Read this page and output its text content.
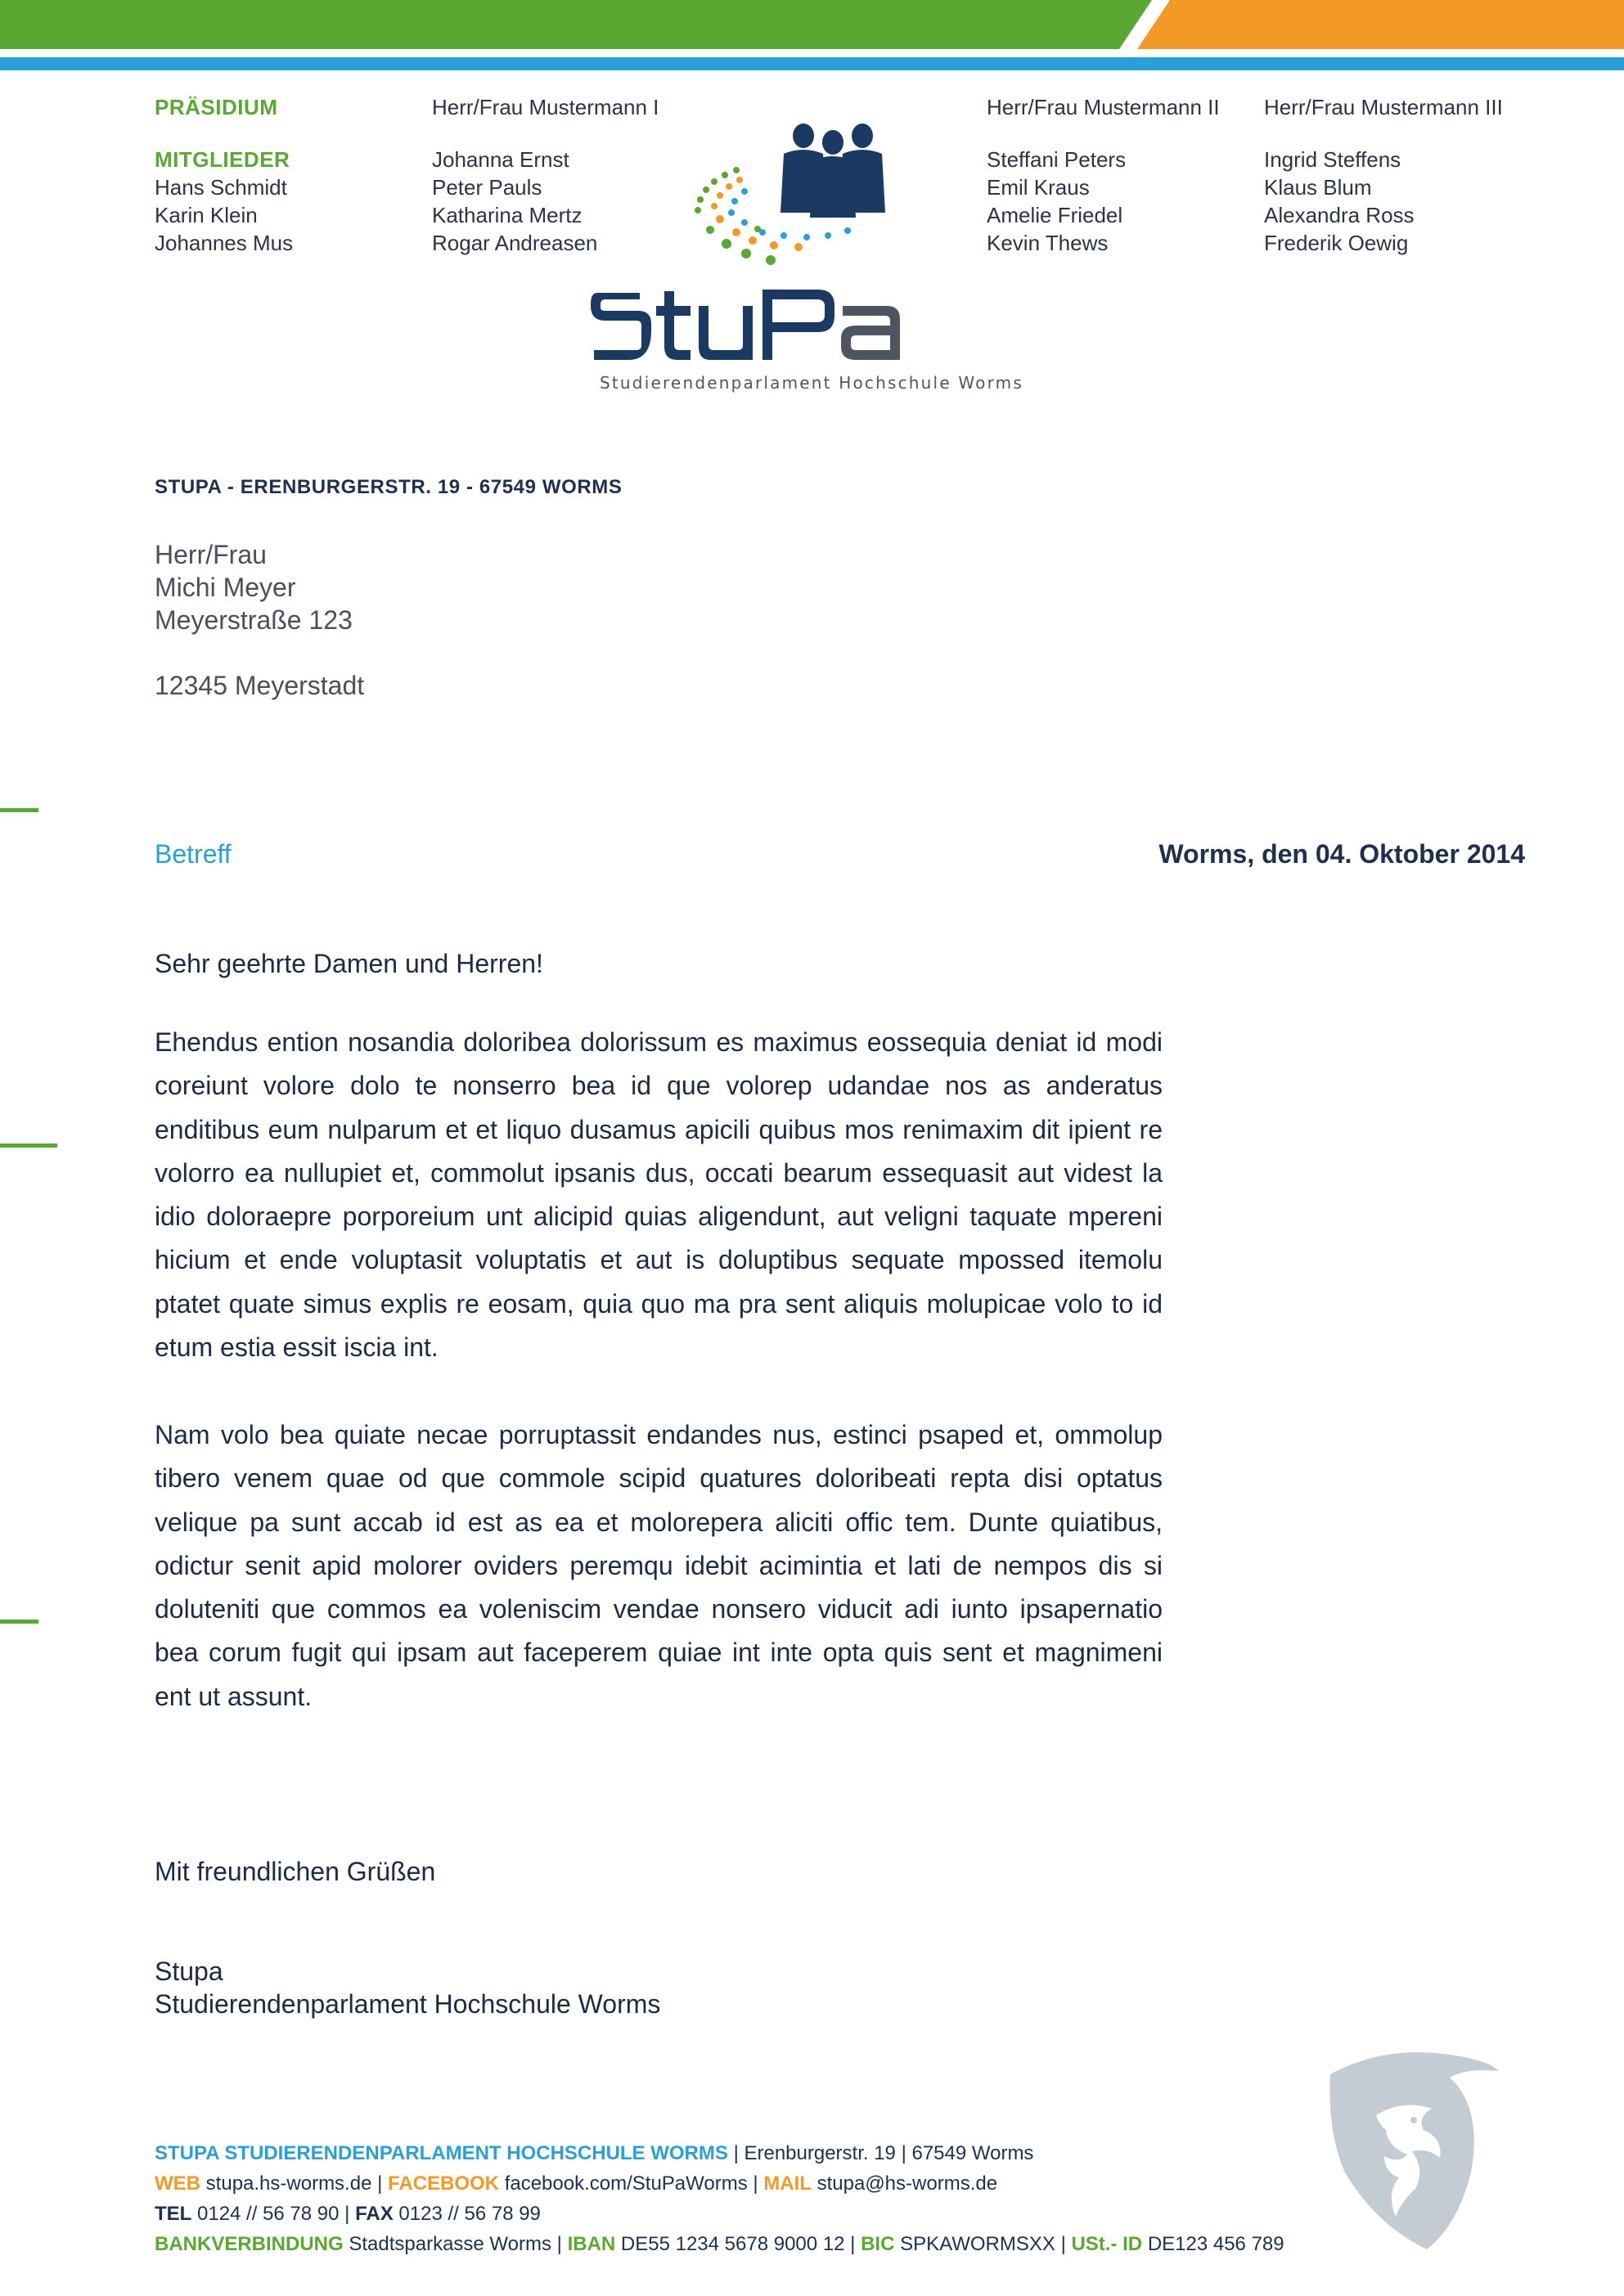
PRÄSIDIUM
MITGLIEDER
Hans Schmidt
Karin Klein
Johannes Mus
Herr/Frau Mustermann I
Johanna Ernst
Peter Pauls
Katharina Mertz
Rogar Andreasen
Herr/Frau Mustermann II
Steffani Peters
Emil Kraus
Amelie Friedel
Kevin Thews
Herr/Frau Mustermann III
Ingrid Steffens
Klaus Blum
Alexandra Ross
Frederik Oewig
Studierendenparlament Hochschule Worms
STUPA - ERENBURGERSTR. 19 - 67549 WORMS
Herr/Frau
Michi Meyer
Meyerstraße 123
12345 Meyerstadt
Betreff	Worms, den 04. Oktober 2014
Sehr geehrte Damen und Herren!

Ehendus ention nosandia doloribea dolorissum es maximus eossequia deniat id modi coreiunt volore dolo te nonserro bea id que volorep udandae nos as anderatus enditibus eum nulparum et et liquo dusamus apicili quibus mos renimaxim dit ipient re volorro ea nullupiet et, commolut ipsanis dus, occati bearum essequasit aut videst la idio doloraepre porporeium unt alicipid quias aligendunt, aut veligni taquate mpereni hicium et ende voluptasit voluptatis et aut is doluptibus sequate mpossed itemolu ptatet quate simus explis re eosam, quia quo ma pra sent aliquis molupicae volo to id etum estia essit iscia int.

Nam volo bea quiate necae porruptassit endandes nus, estinci psaped et, ommolup tibero venem quae od que commole scipid quatures doloribeati repta disi optatus velique pa sunt accab id est as ea et molorepera aliciti offic tem. Dunte quiatibus, odictur senit apid molorer oviders peremqu idebit acimintia et lati de nempos dis si doluteniti que commos ea voleniscim vendae nonsero viducit adi iunto ipsapernatio bea corum fugit qui ipsam aut faceperem quiae int inte opta quis sent et magnimeni ent ut assunt.

Mit freundlichen Grüßen
Stupa
Studierendenparlament Hochschule Worms
STUPA STUDIERENDENPARLAMENT HOCHSCHULE WORMS | Erenburgerstr. 19 | 67549 Worms
WEB stupa.hs-worms.de | FACEBOOK facebook.com/StuPaWorms | MAIL stupa@hs-worms.de
TEL 0124 // 56 78 90 | FAX 0123 // 56 78 99
BANKVERBINDUNG Stadtsparkasse Worms | IBAN DE55 1234 5678 9000 12 | BIC SPKAWORMSXX | USt.- ID DE123 456 789
